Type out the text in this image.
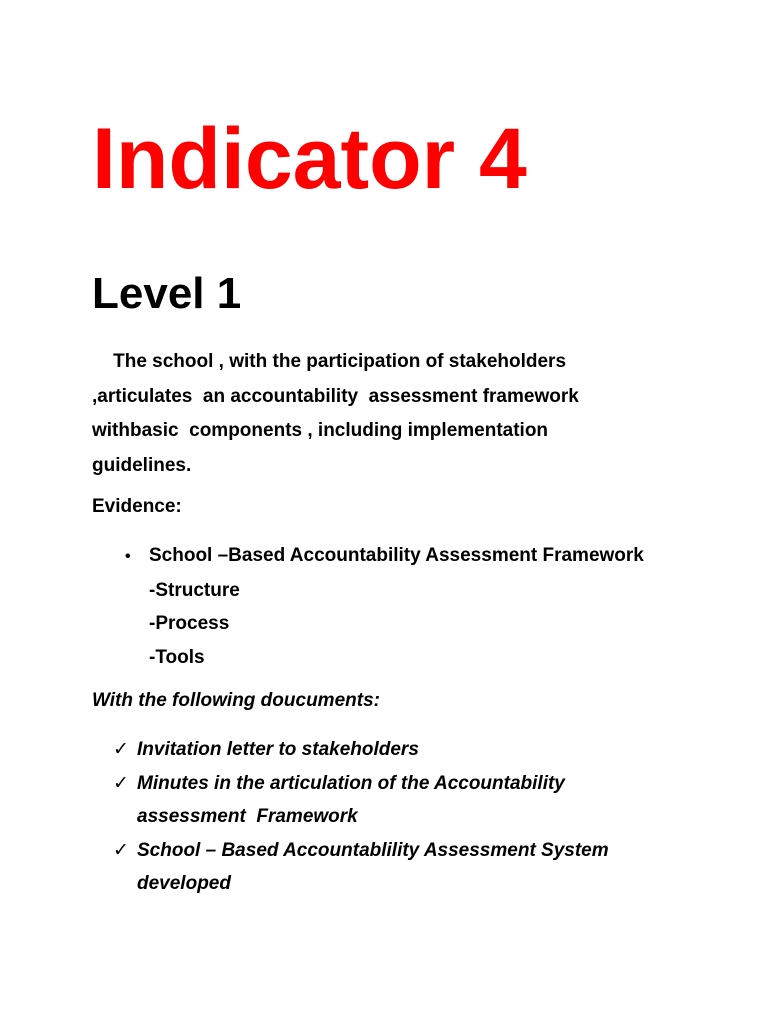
Indicator 4
Level 1

The school , with the participation of stakeholders
,articulates  an accountability  assessment framework
withbasic  components , including implementation
guidelines.

Evidence:

• School –Based Accountability Assessment Framework
-Structure
-Process
-Tools

With the following doucuments:

✓ Invitation letter to stakeholders
✓ Minutes in the articulation of the Accountability
assessment  Framework
✓ School – Based Accountablility Assessment System
developed
